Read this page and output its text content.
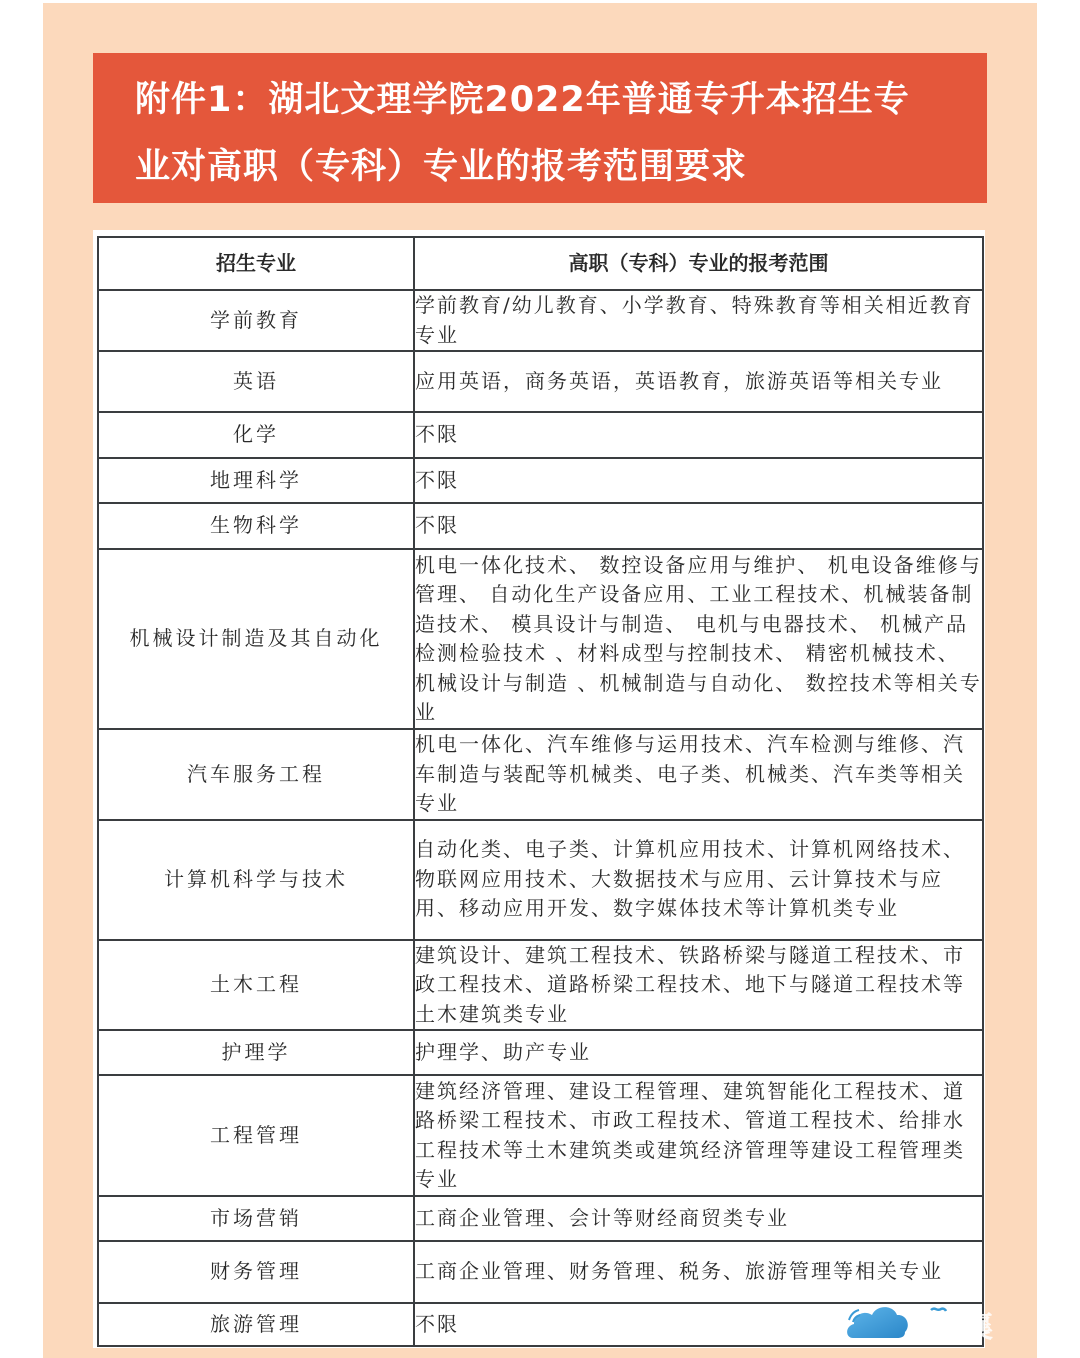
附件1：湖北文理学院2022年普通专升本招生专
业对高职（专科）专业的报考范围要求
招生专业	高职（专科）专业的报考范围
学前教育	学前教育/幼儿教育、小学教育、特殊教育等相关相近教育专业
英语	应用英语，商务英语，英语教育，旅游英语等相关专业
化学	不限
地理科学	不限
生物科学	不限
机械设计制造及其自动化	机电一体化技术、 数控设备应用与维护、 机电设备维修与管理、 自动化生产设备应用、工业工程技术、机械装备制造技术、 模具设计与制造、 电机与电器技术、 机械产品检测检验技术 、材料成型与控制技术、 精密机械技术、 机械设计与制造 、机械制造与自动化、 数控技术等相关专业
汽车服务工程	机电一体化、汽车维修与运用技术、汽车检测与维修、汽车制造与装配等机械类、电子类、机械类、汽车类等相关专业
计算机科学与技术	自动化类、电子类、计算机应用技术、计算机网络技术、物联网应用技术、大数据技术与应用、云计算技术与应用、移动应用开发、数字媒体技术等计算机类专业
土木工程	建筑设计、建筑工程技术、铁路桥梁与隧道工程技术、市政工程技术、道路桥梁工程技术、地下与隧道工程技术等土木建筑类专业
护理学	护理学、助产专业
工程管理	建筑经济管理、建设工程管理、建筑智能化工程技术、道路桥梁工程技术、市政工程技术、管道工程技术、给排水工程技术等土木建筑类或建筑经济管理等建设工程管理类专业
市场营销	工商企业管理、会计等财经商贸类专业
财务管理	工商企业管理、财务管理、税务、旅游管理等相关专业
旅游管理	不限	襄
